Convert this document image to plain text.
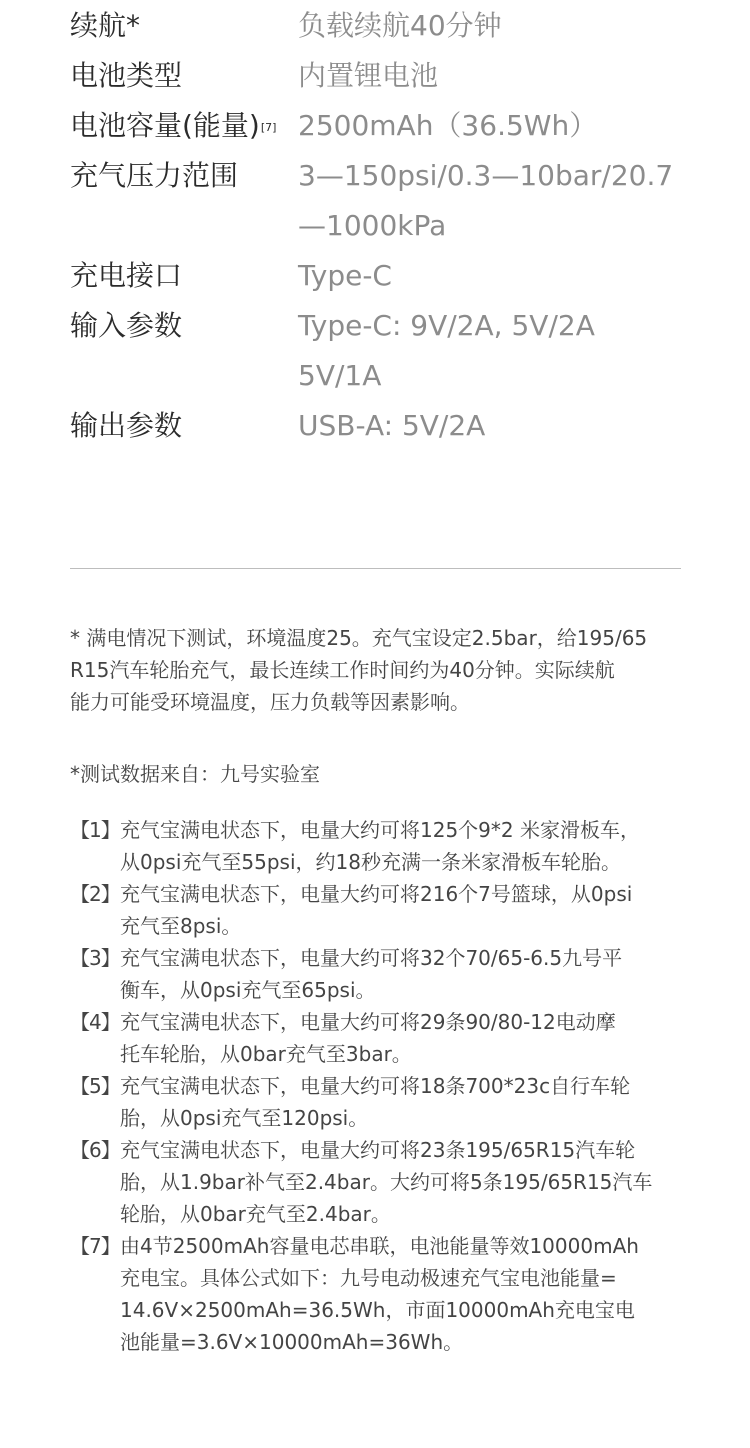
续航*	负载续航40分钟
电池类型	内置锂电池
电池容量(能量)[7] 2500mAh（36.5Wh）
充气压力范围	3—150psi/0.3—10bar/20.7
—1000kPa
充电接口	Type-C
输入参数	Type-C: 9V/2A, 5V/2A
5V/1A
输出参数	USB-A: 5V/2A

* 满电情况下测试，环境温度25。充气宝设定2.5bar，给195/65
R15汽车轮胎充气，最长连续工作时间约为40分钟。实际续航
能力可能受环境温度，压力负载等因素影响。

*测试数据来自：九号实验室

【1】 充气宝满电状态下，电量大约可将125个9*2 米家滑板车，
从0psi充气至55psi，约18秒充满一条米家滑板车轮胎。
【2】 充气宝满电状态下，电量大约可将216个7号篮球，从0psi
充气至8psi。
【3】 充气宝满电状态下，电量大约可将32个70/65-6.5九号平
衡车，从0psi充气至65psi。
【4】 充气宝满电状态下，电量大约可将29条90/80-12电动摩
托车轮胎，从0bar充气至3bar。
【5】 充气宝满电状态下，电量大约可将18条700*23c自行车轮
胎，从0psi充气至120psi。
【6】 充气宝满电状态下，电量大约可将23条195/65R15汽车轮
胎，从1.9bar补气至2.4bar。大约可将5条195/65R15汽车
轮胎，从0bar充气至2.4bar。
【7】 由4节2500mAh容量电芯串联，电池能量等效10000mAh
充电宝。具体公式如下：九号电动极速充气宝电池能量=
14.6V×2500mAh=36.5Wh，市面10000mAh充电宝电
池能量=3.6V×10000mAh=36Wh。
